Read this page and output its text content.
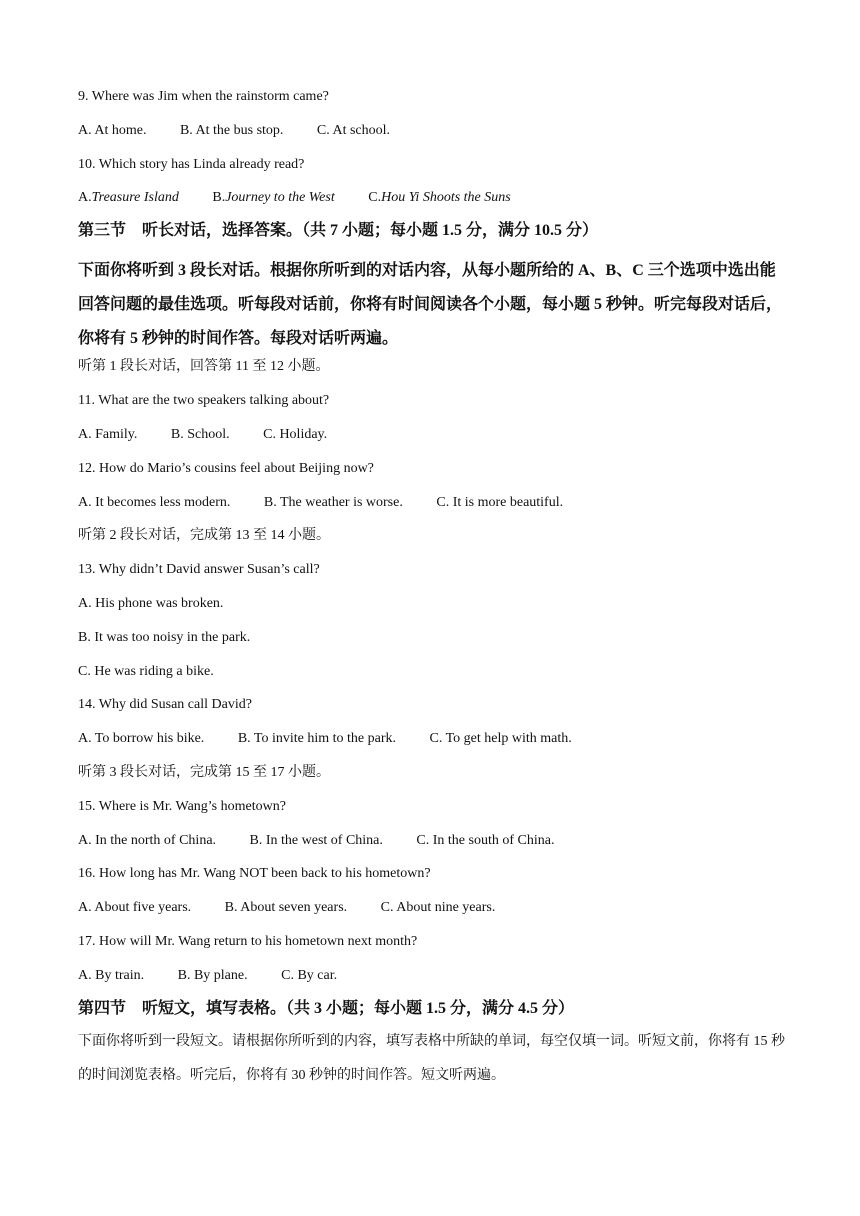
9. Where was Jim when the rainstorm came?
A. At home. B. At the bus stop. C. At school.
10. Which story has Linda already read?
A.Treasure Island B.Journey to the West C.Hou Yi Shoots the Suns
第三节　听长对话，选择答案。（共 7 小题；每小题 1.5 分，满分 10.5 分）
下面你将听到 3 段长对话。根据你所听到的对话内容，从每小题所给的 A、B、C 三个选项中选出能回答问题的最佳选项。听每段对话前，你将有时间阅读各个小题，每小题 5 秒钟。听完每段对话后，你将有 5 秒钟的时间作答。每段对话听两遍。
听第 1 段长对话，回答第 11 至 12 小题。
11. What are the two speakers talking about?
A. Family. B. School. C. Holiday.
12. How do Mario’s cousins feel about Beijing now?
A. It becomes less modern. B. The weather is worse. C. It is more beautiful.
听第 2 段长对话，完成第 13 至 14 小题。
13. Why didn’t David answer Susan’s call?
A. His phone was broken.
B. It was too noisy in the park.
C. He was riding a bike.
14. Why did Susan call David?
A. To borrow his bike. B. To invite him to the park. C. To get help with math.
听第 3 段长对话，完成第 15 至 17 小题。
15. Where is Mr. Wang’s hometown?
A. In the north of China. B. In the west of China. C. In the south of China.
16. How long has Mr. Wang NOT been back to his hometown?
A. About five years. B. About seven years. C. About nine years.
17. How will Mr. Wang return to his hometown next month?
A. By train. B. By plane. C. By car.
第四节　听短文，填写表格。（共 3 小题；每小题 1.5 分，满分 4.5 分）
下面你将听到一段短文。请根据你所听到的内容，填写表格中所缺的单词，每空仅填一词。听短文前，你将有 15 秒的时间浏览表格。听完后，你将有 30 秒钟的时间作答。短文听两遍。
